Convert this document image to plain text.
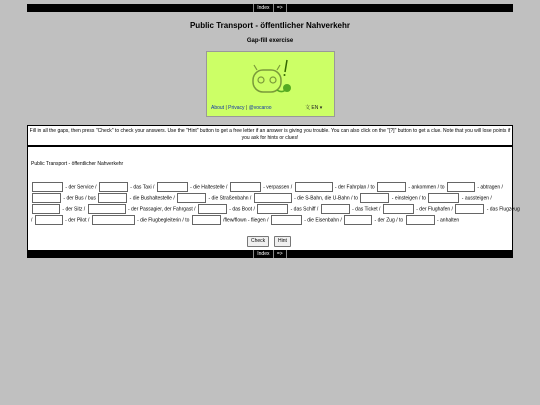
Index =>
Public Transport - öffentlicher Nahverkehr
Gap-fill exercise
About | Privacy | @vocaroo	文 EN ▾
Fill in all the gaps, then press "Check" to check your answers. Use the "Hint" button to get a free letter if an answer is giving you trouble. You can also click on the "[?]" button to get a clue. Note that you will lose points if you ask for hints or clues!
Public Transport - öffentlicher Nahverkehr
- der Service /	- das Taxi /	- die Haltestelle /	- verpassen /	- der Fahrplan / to	- ankommen / to	- abtragen /
- der Bus / bus	- die Bushaltestelle /	- die Straßenbahn /	- die S-Bahn, die U-Bahn / to	- einsteigen / to	- aussteigen /
- der Sitz /	- der Passagier, der Fahrgast /	- das Boot /	- das Schiff /	- das Ticket /	- der Flughafen /	- das Flugzeug
/	- der Pilot /	- die Flugbegleiterin / to	/flew/flown - fliegen /	- die Eisenbahn /	- der Zug / to	- anhalten
Check	Hint
Index =>
